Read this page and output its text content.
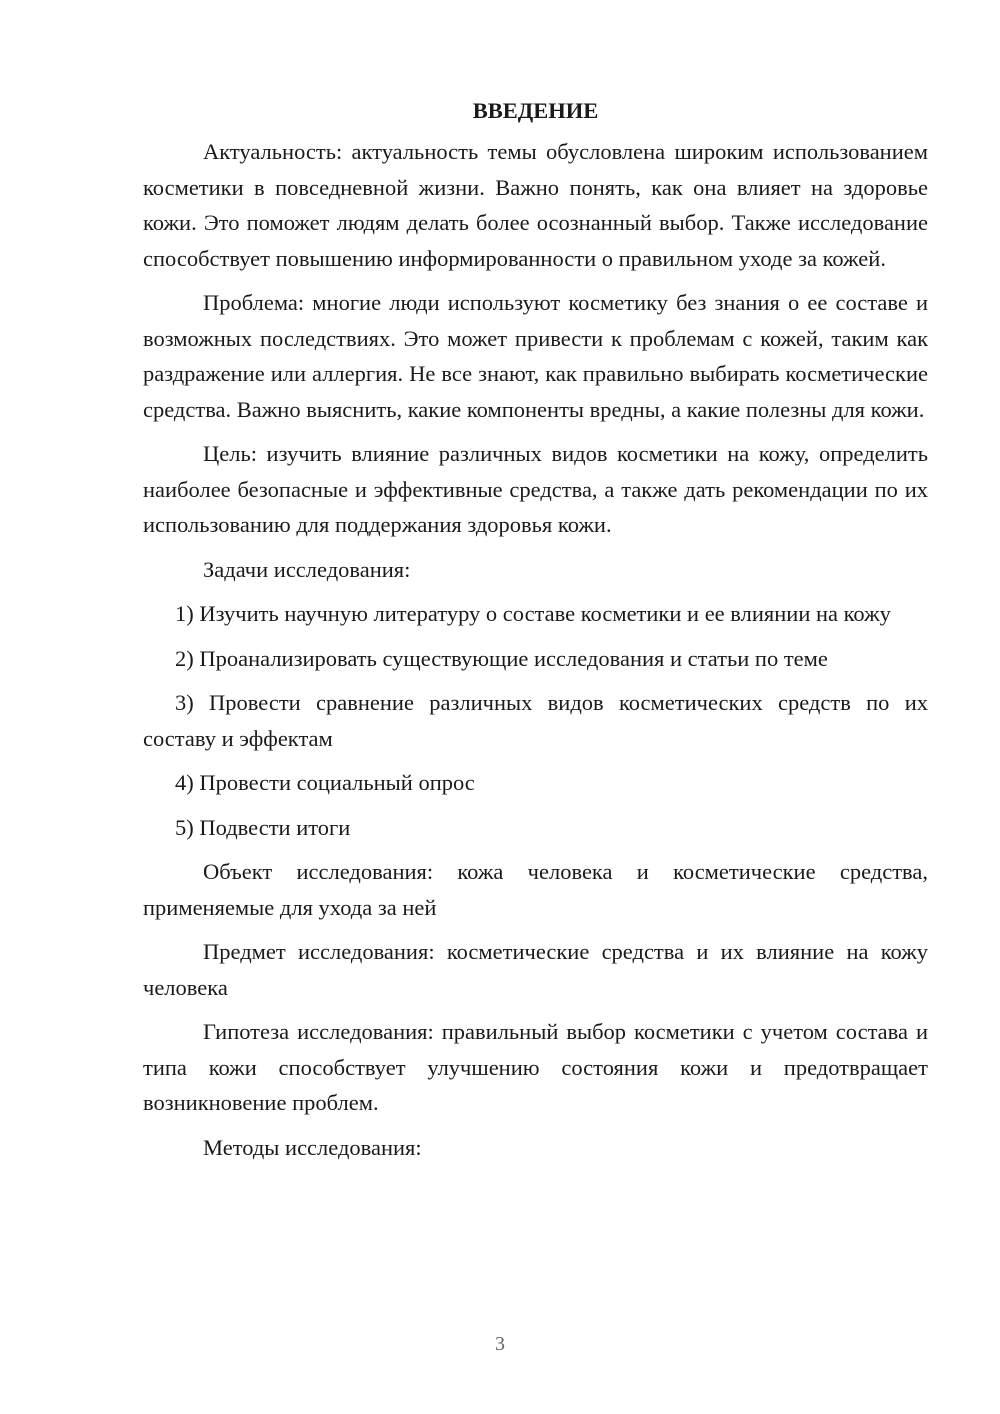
ВВЕДЕНИЕ

Актуальность: актуальность темы обусловлена широким использованием косметики в повседневной жизни. Важно понять, как она влияет на здоровье кожи. Это поможет людям делать более осознанный выбор. Также исследование способствует повышению информированности о правильном уходе за кожей.

Проблема: многие люди используют косметику без знания о ее составе и возможных последствиях. Это может привести к проблемам с кожей, таким как раздражение или аллергия. Не все знают, как правильно выбирать косметические средства. Важно выяснить, какие компоненты вредны, а какие полезны для кожи.

Цель: изучить влияние различных видов косметики на кожу, определить наиболее безопасные и эффективные средства, а также дать рекомендации по их использованию для поддержания здоровья кожи.

Задачи исследования:

1) Изучить научную литературу о составе косметики и ее влиянии на кожу

2) Проанализировать существующие исследования и статьи по теме

3) Провести сравнение различных видов косметических средств по их составу и эффектам

4) Провести социальный опрос

5) Подвести итоги

Объект исследования: кожа человека и косметические средства, применяемые для ухода за ней

Предмет исследования: косметические средства и их влияние на кожу человека

Гипотеза исследования: правильный выбор косметики с учетом состава и типа кожи способствует улучшению состояния кожи и предотвращает возникновение проблем.

Методы исследования:

3
